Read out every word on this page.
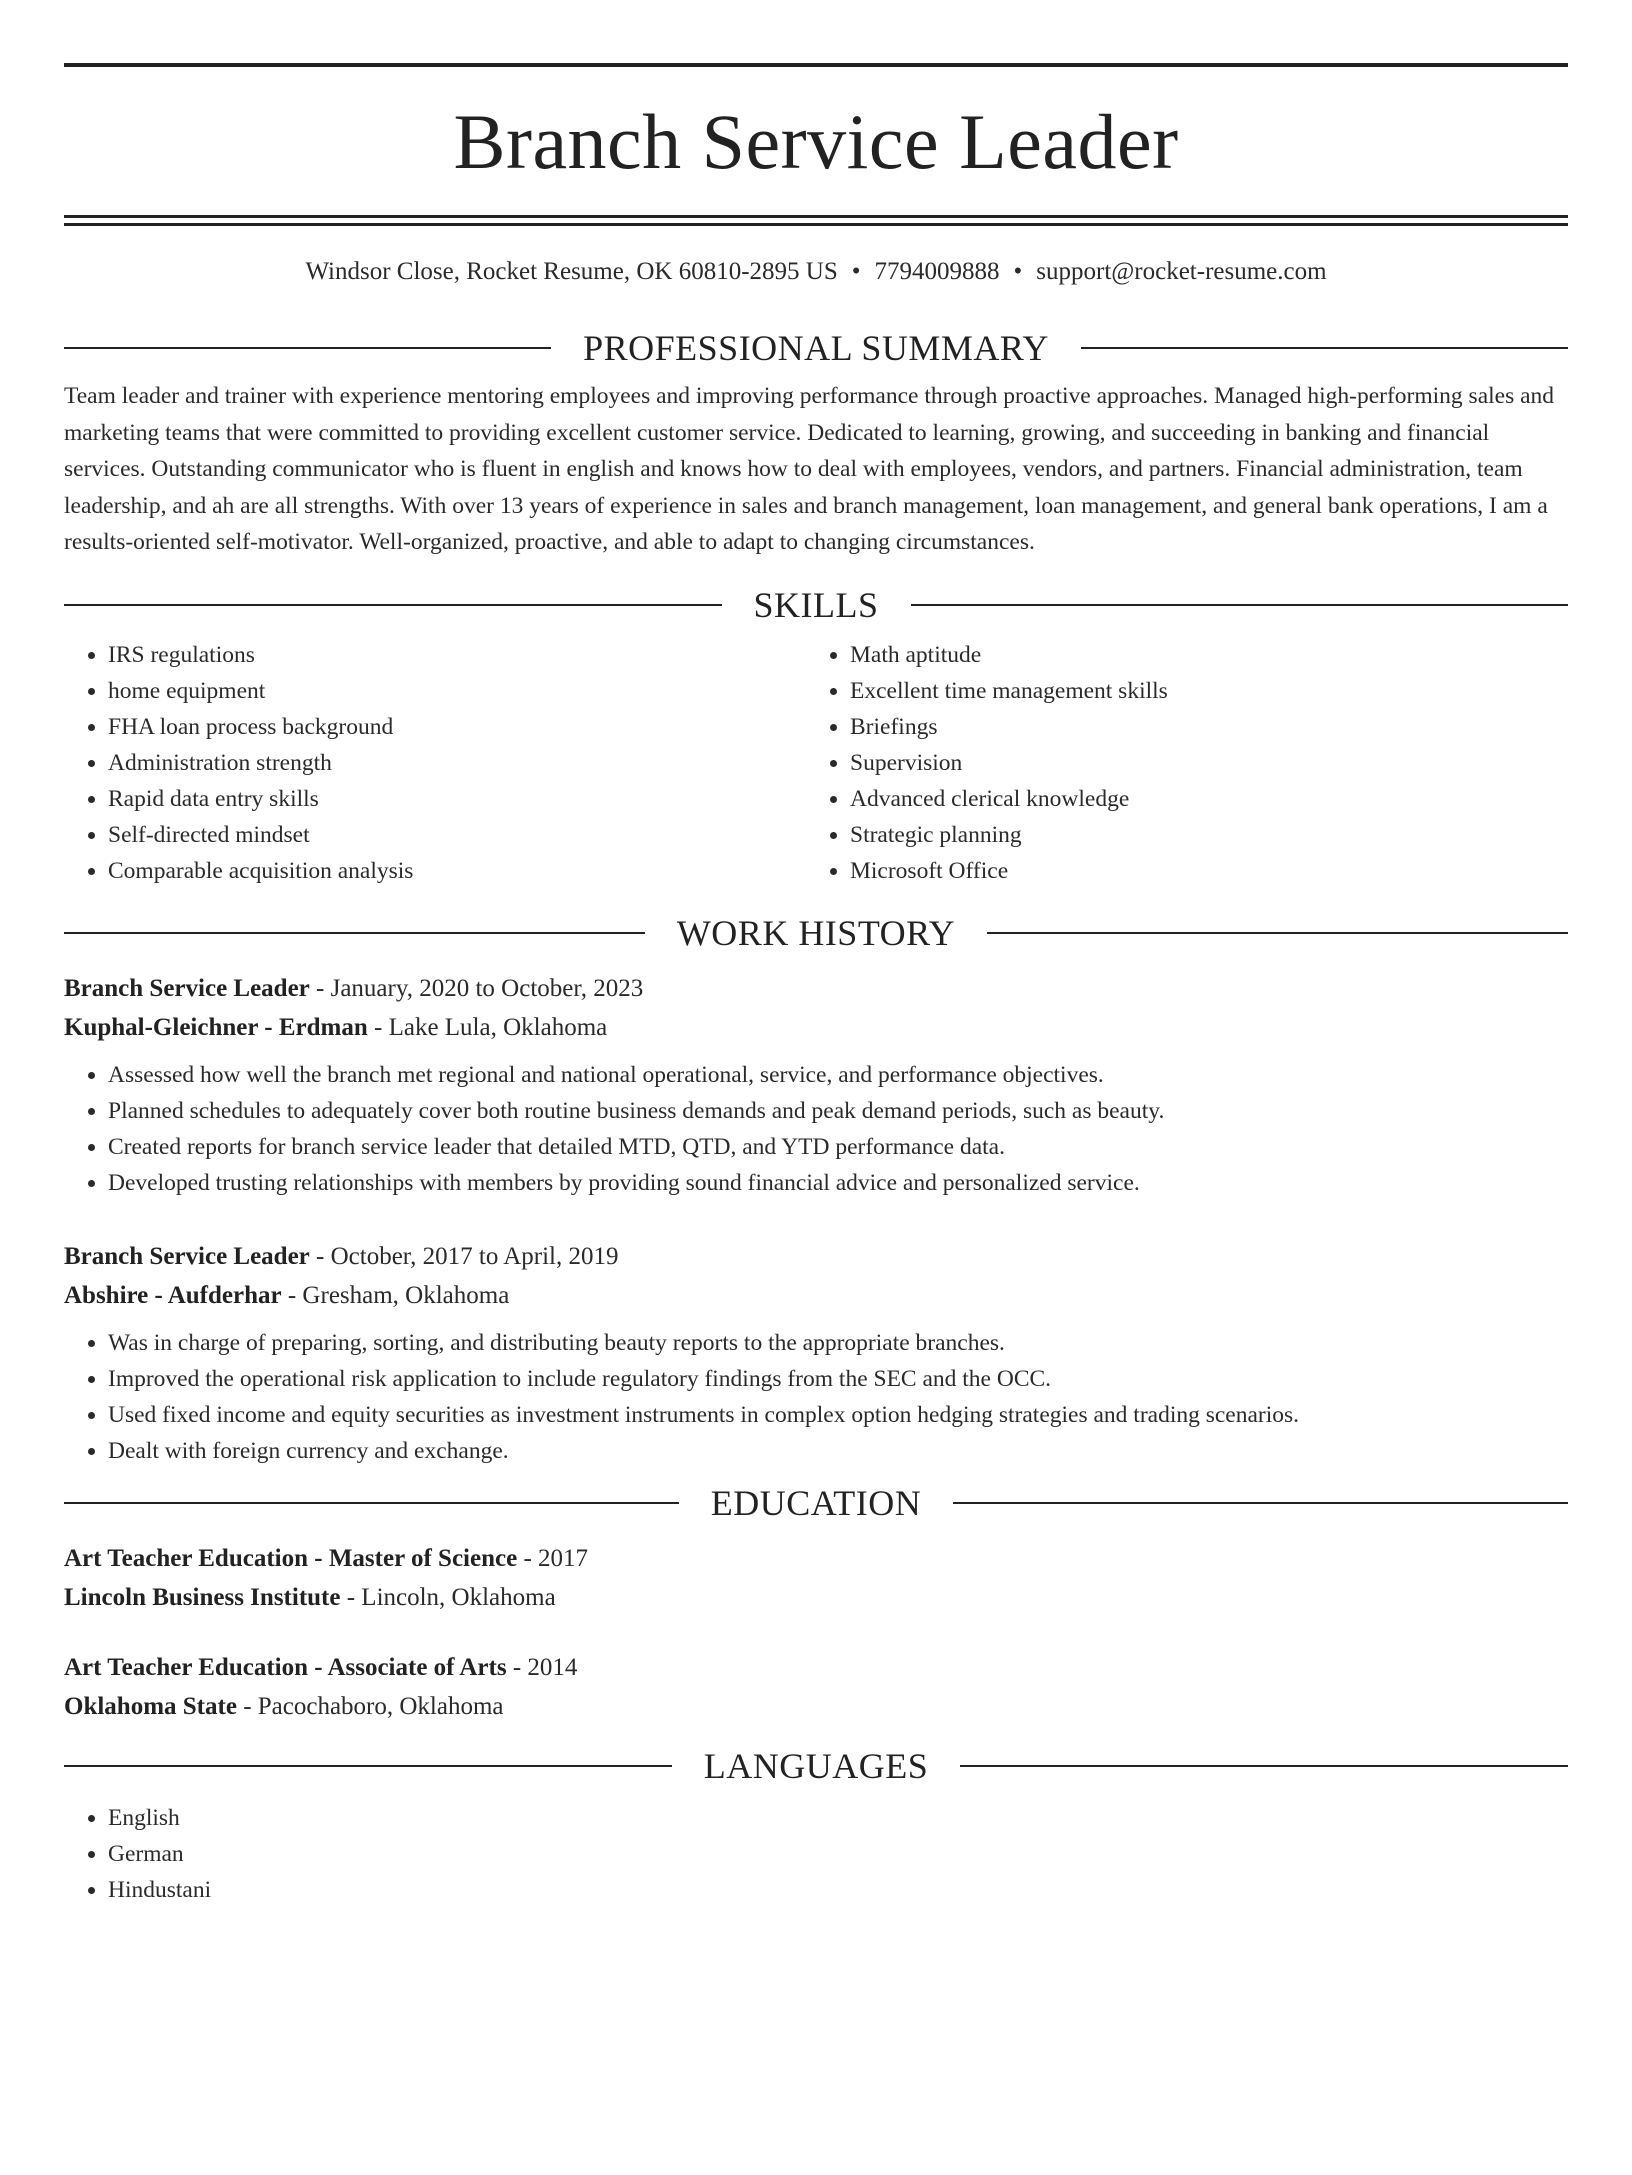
Branch Service Leader
Windsor Close, Rocket Resume, OK 60810-2895 US • 7794009888 • support@rocket-resume.com
PROFESSIONAL SUMMARY

Team leader and trainer with experience mentoring employees and improving performance through proactive approaches. Managed high-performing sales and marketing teams that were committed to providing excellent customer service. Dedicated to learning, growing, and succeeding in banking and financial services. Outstanding communicator who is fluent in english and knows how to deal with employees, vendors, and partners. Financial administration, team leadership, and ah are all strengths. With over 13 years of experience in sales and branch management, loan management, and general bank operations, I am a results-oriented self-motivator. Well-organized, proactive, and able to adapt to changing circumstances.

SKILLS
• IRS regulations
• home equipment
• FHA loan process background
• Administration strength
• Rapid data entry skills
• Self-directed mindset
• Comparable acquisition analysis
• Math aptitude
• Excellent time management skills
• Briefings
• Supervision
• Advanced clerical knowledge
• Strategic planning
• Microsoft Office
WORK HISTORY
Branch Service Leader - January, 2020 to October, 2023
Kuphal-Gleichner - Erdman - Lake Lula, Oklahoma
• Assessed how well the branch met regional and national operational, service, and performance objectives.
• Planned schedules to adequately cover both routine business demands and peak demand periods, such as beauty.
• Created reports for branch service leader that detailed MTD, QTD, and YTD performance data.
• Developed trusting relationships with members by providing sound financial advice and personalized service.
Branch Service Leader - October, 2017 to April, 2019
Abshire - Aufderhar - Gresham, Oklahoma
• Was in charge of preparing, sorting, and distributing beauty reports to the appropriate branches.
• Improved the operational risk application to include regulatory findings from the SEC and the OCC.
• Used fixed income and equity securities as investment instruments in complex option hedging strategies and trading scenarios.
• Dealt with foreign currency and exchange.
EDUCATION
Art Teacher Education - Master of Science - 2017
Lincoln Business Institute - Lincoln, Oklahoma
Art Teacher Education - Associate of Arts - 2014
Oklahoma State - Pacochaboro, Oklahoma
LANGUAGES
• English
• German
• Hindustani
